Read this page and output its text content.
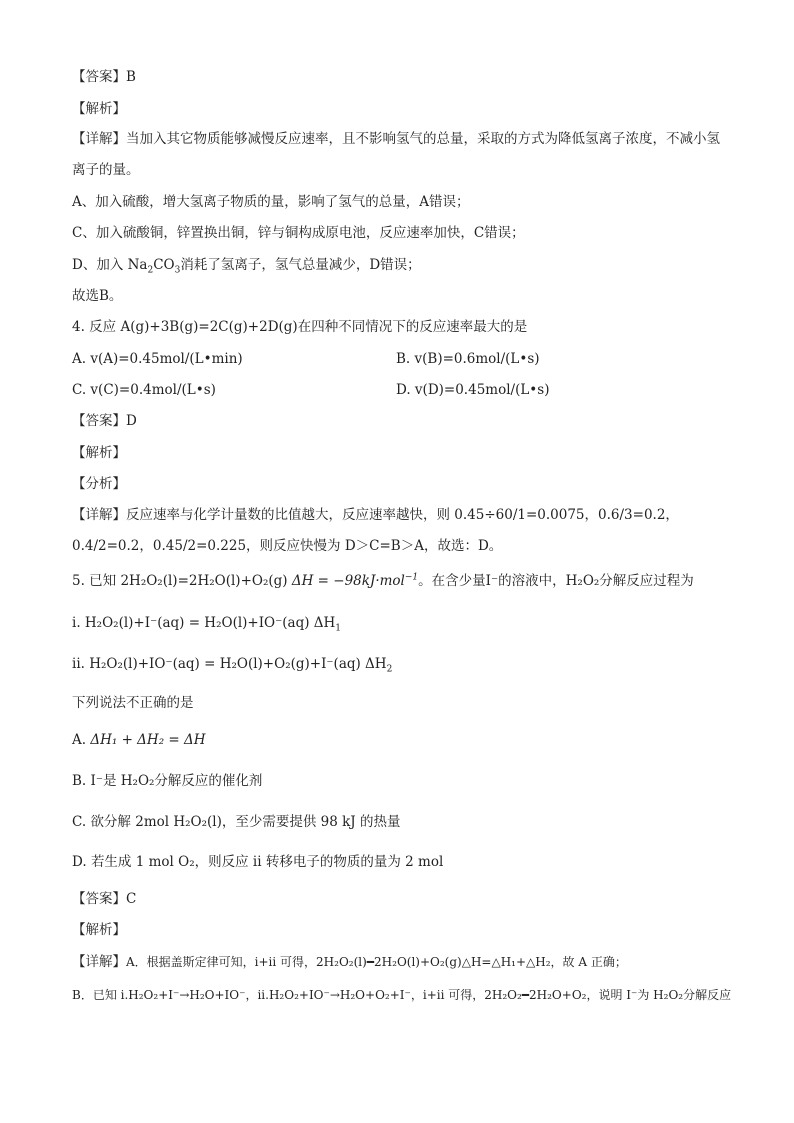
【答案】B
【解析】
【详解】当加入其它物质能够减慢反应速率，且不影响氢气的总量，采取的方式为降低氢离子浓度，不减小氢离子的量。
A、加入硫酸，增大氢离子物质的量，影响了氢气的总量，A错误；
C、加入硫酸铜，锌置换出铜，锌与铜构成原电池，反应速率加快，C错误；
D、加入 $Na_2CO_3$消耗了氢离子，氢气总量减少，D错误；
故选B。
4. 反应 A(g)+3B(g)=2C(g)+2D(g)在四种不同情况下的反应速率最大的是
A. v(A)=0.45mol/(L•min)	B. v(B)=0.6mol/(L•s)
C. v(C)=0.4mol/(L•s)	D. v(D)=0.45mol/(L•s)
【答案】D
【解析】
【分析】
【详解】反应速率与化学计量数的比值越大，反应速率越快，则 0.45÷60/1=0.0075，0.6/3=0.2，
0.4/2=0.2，0.45/2=0.225，则反应快慢为 D＞C=B＞A，故选：D。
5. 已知 2H₂O₂(l)=2H₂O(l)+O₂(g) ΔH = −98kJ·mol$^{-1}$。在含少量I⁻的溶液中，H₂O₂分解反应过程为
i. H₂O₂(l)+I⁻(aq) = H₂O(l)+IO⁻(aq) $\Delta H_1$
ii. H₂O₂(l)+IO⁻(aq) = H₂O(l)+O₂(g)+I⁻(aq) $\Delta H_2$
下列说法不正确的是
A. ΔH₁ + ΔH₂ = ΔH
B. I⁻是 H₂O₂分解反应的催化剂
C. 欲分解 2mol H₂O₂(l)，至少需要提供 98 kJ 的热量
D. 若生成 1 mol O₂，则反应 ii 转移电子的物质的量为 2 mol
【答案】C
【解析】
【详解】A．根据盖斯定律可知，i+ii 可得，2H₂O₂(l)━2H₂O(l)+O₂(g)△H=△H₁+△H₂，故 A 正确；
B．已知 i.H₂O₂+I⁻→H₂O+IO⁻，ii.H₂O₂+IO⁻→H₂O+O₂+I⁻，i+ii 可得，2H₂O₂━2H₂O+O₂，说明 I⁻为 H₂O₂分解反应
